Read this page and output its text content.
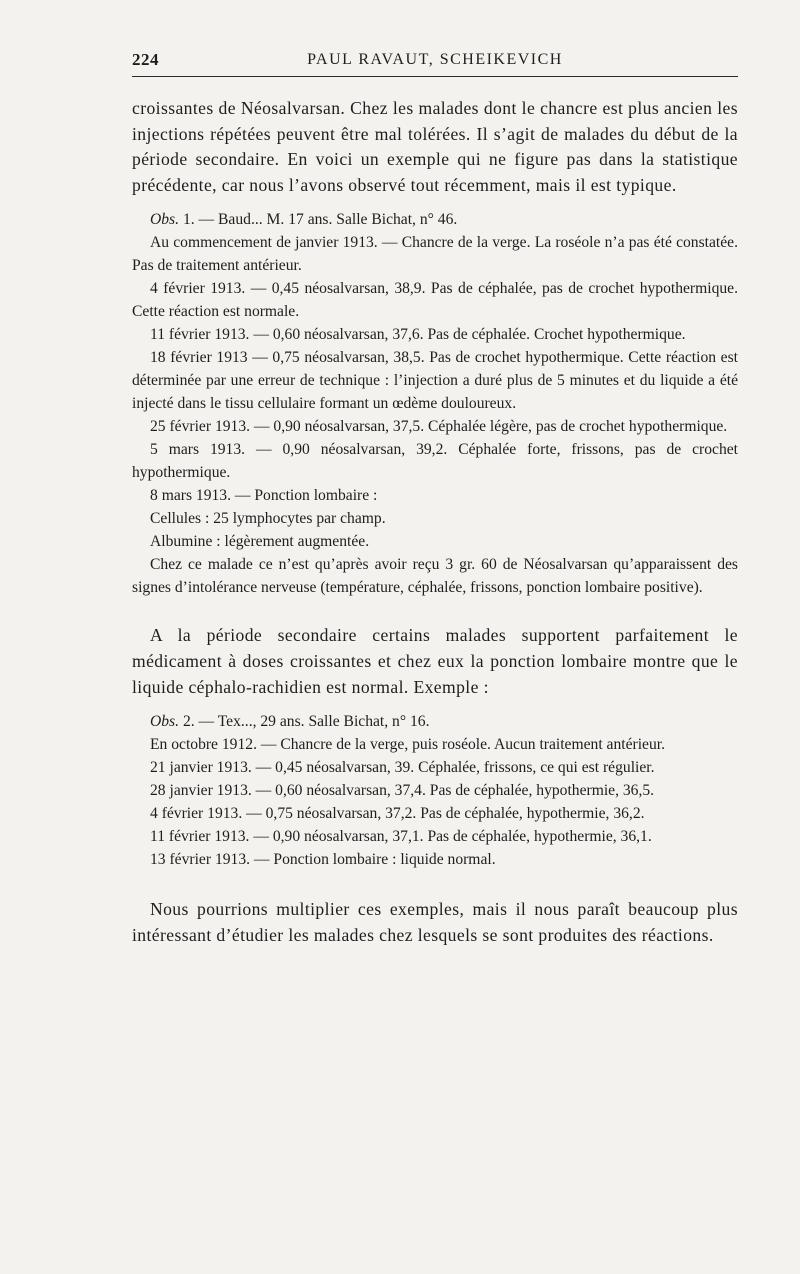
224	PAUL RAVAUT, SCHEIKEVICH

croissantes de Néosalvarsan. Chez les malades dont le chancre est plus ancien les injections répétées peuvent être mal tolérées. Il s’agit de malades du début de la période secondaire. En voici un exemple qui ne figure pas dans la statistique précédente, car nous l’avons observé tout récemment, mais il est typique.

Obs. 1. — Baud... M. 17 ans. Salle Bichat, n° 46.

Au commencement de janvier 1913. — Chancre de la verge. La roséole n’a pas été constatée. Pas de traitement antérieur.

4 février 1913. — 0,45 néosalvarsan, 38,9. Pas de céphalée, pas de crochet hypothermique. Cette réaction est normale.

11 février 1913. — 0,60 néosalvarsan, 37,6. Pas de céphalée. Crochet hypothermique.

18 février 1913 — 0,75 néosalvarsan, 38,5. Pas de crochet hypothermique. Cette réaction est déterminée par une erreur de technique : l’injection a duré plus de 5 minutes et du liquide a été injecté dans le tissu cellulaire formant un œdème douloureux.

25 février 1913. — 0,90 néosalvarsan, 37,5. Céphalée légère, pas de crochet hypothermique.

5 mars 1913. — 0,90 néosalvarsan, 39,2. Céphalée forte, frissons, pas de crochet hypothermique.

8 mars 1913. — Ponction lombaire :

Cellules : 25 lymphocytes par champ.

Albumine : légèrement augmentée.

Chez ce malade ce n’est qu’après avoir reçu 3 gr. 60 de Néosalvarsan qu’apparaissent des signes d’intolérance nerveuse (température, céphalée, frissons, ponction lombaire positive).

A la période secondaire certains malades supportent parfaitement le médicament à doses croissantes et chez eux la ponction lombaire montre que le liquide céphalo-rachidien est normal. Exemple :

Obs. 2. — Tex..., 29 ans. Salle Bichat, n° 16.

En octobre 1912. — Chancre de la verge, puis roséole. Aucun traitement antérieur.

21 janvier 1913. — 0,45 néosalvarsan, 39. Céphalée, frissons, ce qui est régulier.

28 janvier 1913. — 0,60 néosalvarsan, 37,4. Pas de céphalée, hypothermie, 36,5.

4 février 1913. — 0,75 néosalvarsan, 37,2. Pas de céphalée, hypothermie, 36,2.

11 février 1913. — 0,90 néosalvarsan, 37,1. Pas de céphalée, hypothermie, 36,1.

13 février 1913. — Ponction lombaire : liquide normal.

Nous pourrions multiplier ces exemples, mais il nous paraît beaucoup plus intéressant d’étudier les malades chez lesquels se sont produites des réactions.
